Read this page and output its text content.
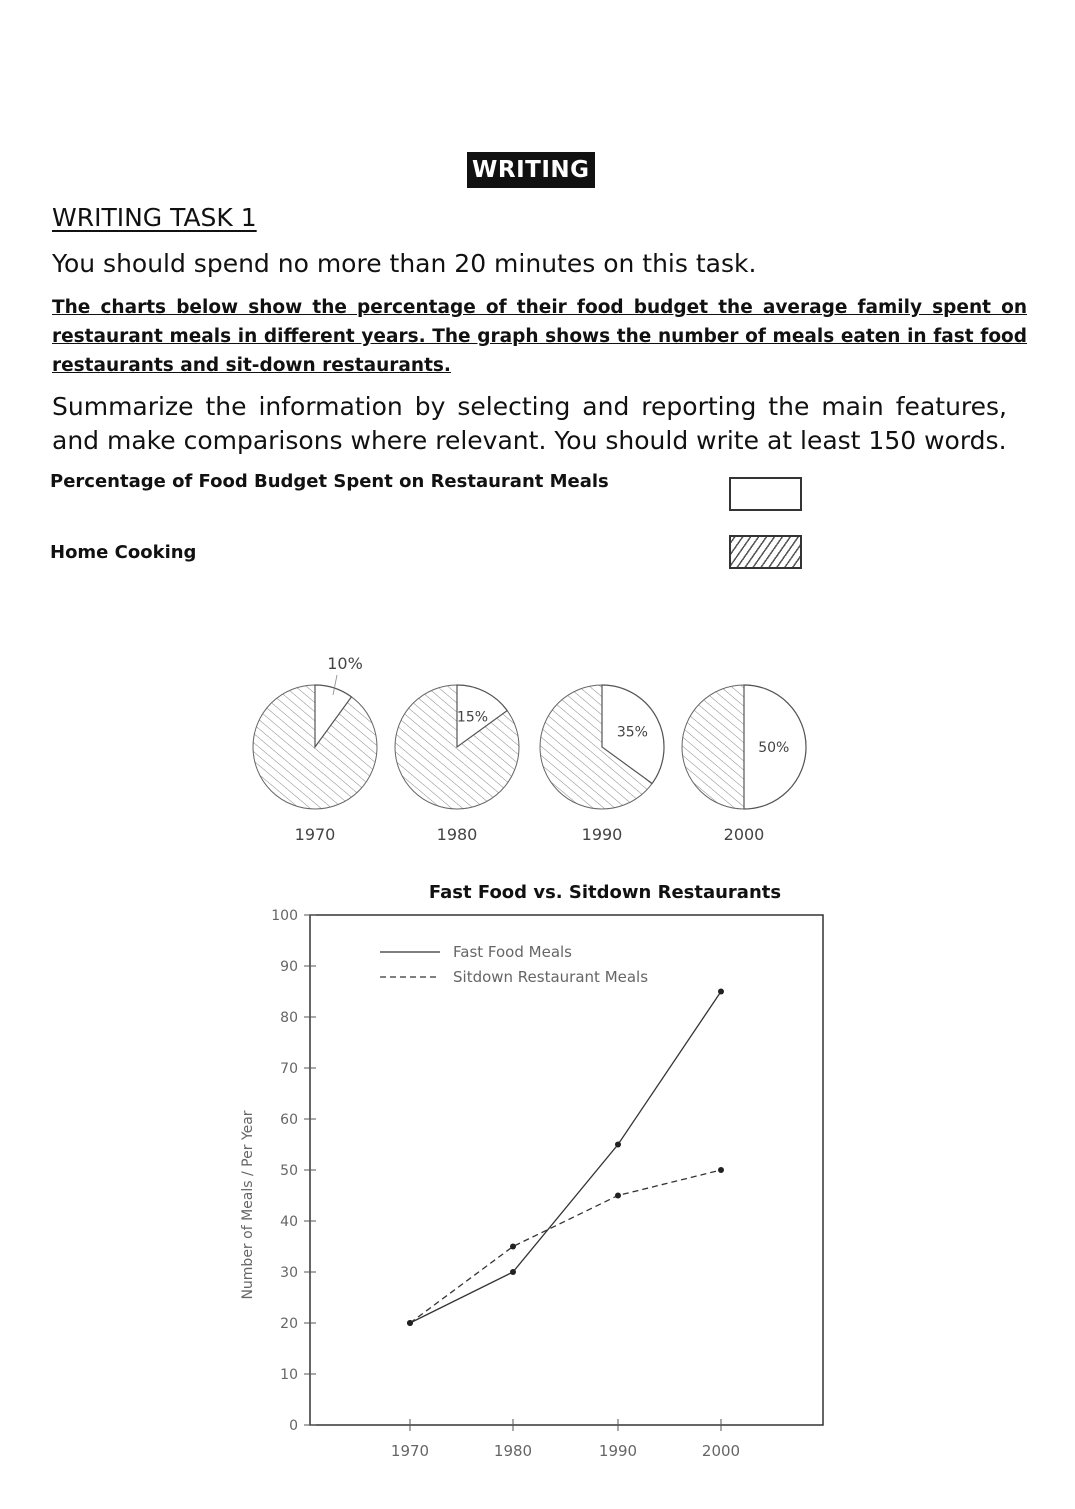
WRITING
WRITING TASK 1

You should spend no more than 20 minutes on this task.

The charts below show the percentage of their food budget the average family spent on restaurant meals in different years. The graph shows the number of meals eaten in fast food restaurants and sit-down restaurants.

Summarize the information by selecting and reporting the main features, and make comparisons where relevant. You should write at least 150 words.

Percentage of Food Budget Spent on Restaurant Meals

Home Cooking

10%
1970
15%
1980
35%
1990
50%
2000
Fast Food vs. Sitdown Restaurants
0
10
20
30
40
50
60
70
80
90
100
1970	1980	1990	2000
Number of Meals / Per Year
Fast Food Meals
Sitdown Restaurant Meals
